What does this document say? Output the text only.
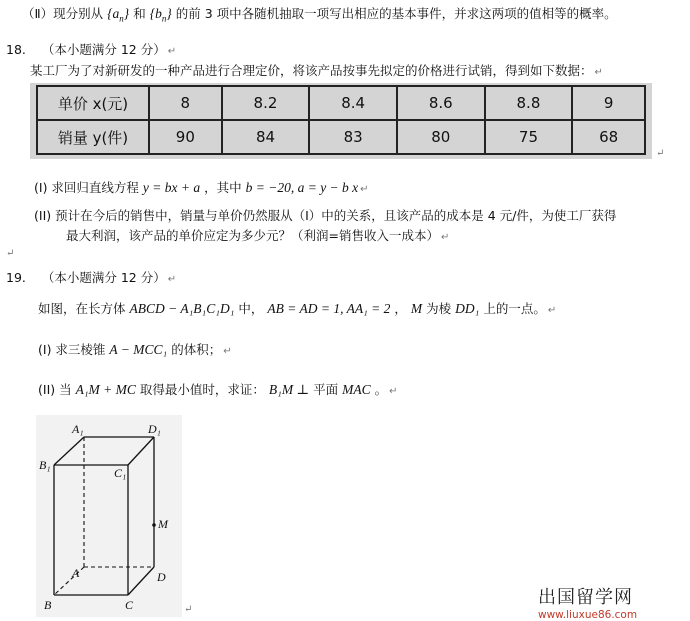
（Ⅱ）现分别从 $\{a_n\}$ 和 $\{b_n\}$ 的前 3 项中各随机抽取一项写出相应的基本事件，并求这两项的值相等的概率。
18. （本小题满分 12 分） ↵
某工厂为了对新研发的一种产品进行合理定价，将该产品按事先拟定的价格进行试销，得到如下数据： ↵
单价 x(元)	8	8.2	8.4	8.6	8.8	9
销量 y(件)	90	84	83	80	75	68
↵
(I) 求回归直线方程 y = bx + a ，其中 b = −20, a = y − b x ↵
(II) 预计在今后的销售中，销量与单价仍然服从（I）中的关系，且该产品的成本是 4 元/件，为使工厂获得
最大利润，该产品的单价应定为多少元？（利润=销售收入一成本） ↵
↵
19. （本小题满分 12 分） ↵
如图，在长方体 ABCD − A₁B₁C₁D₁ 中， AB = AD = 1, AA₁ = 2 ， M 为棱 DD₁ 上的一点。 ↵
(I) 求三棱锥 A − MCC₁ 的体积； ↵
(II) 当 A₁M + MC 取得最小值时，求证： B₁M ⊥ 平面 MAC 。 ↵
A₁	D₁
B₁
C₁
M
A	D
B	C	↵
出国留学网
www.liuxue86.com
